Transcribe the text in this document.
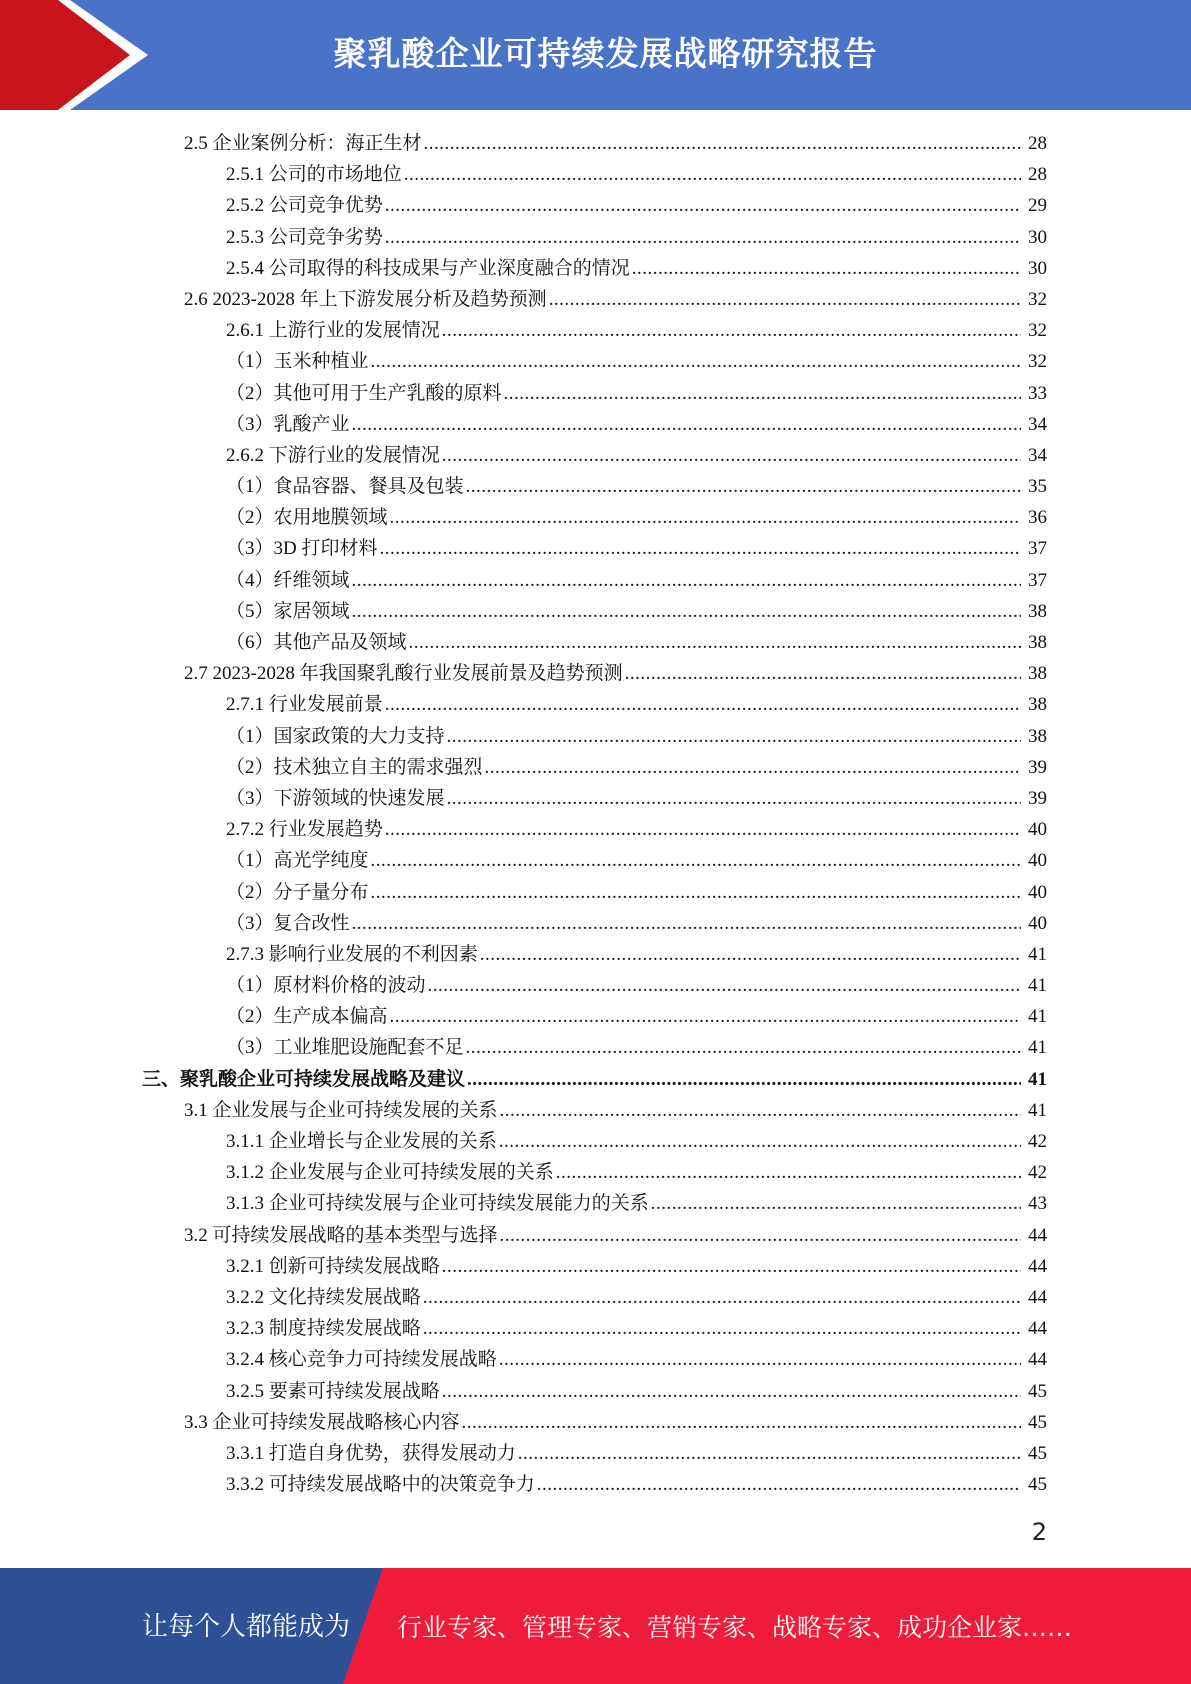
聚乳酸企业可持续发展战略研究报告
2.5 企业案例分析：海正生材 .....	28
2.5.1 公司的市场地位 .....	28
2.5.2 公司竞争优势 .....	29
2.5.3 公司竞争劣势 .....	30
2.5.4 公司取得的科技成果与产业深度融合的情况 .....	30
2.6 2023-2028 年上下游发展分析及趋势预测 .....	32
2.6.1 上游行业的发展情况 .....	32
（1）玉米种植业 .....	32
（2）其他可用于生产乳酸的原料 .....	33
（3）乳酸产业 .....	34
2.6.2 下游行业的发展情况 .....	34
（1）食品容器、餐具及包装 .....	35
（2）农用地膜领域 .....	36
（3）3D 打印材料 .....	37
（4）纤维领域 .....	37
（5）家居领域 .....	38
（6）其他产品及领域 .....	38
2.7 2023-2028 年我国聚乳酸行业发展前景及趋势预测 .....	38
2.7.1 行业发展前景 .....	38
（1）国家政策的大力支持 .....	38
（2）技术独立自主的需求强烈 .....	39
（3）下游领域的快速发展 .....	39
2.7.2 行业发展趋势 .....	40
（1）高光学纯度 .....	40
（2）分子量分布 .....	40
（3）复合改性 .....	40
2.7.3 影响行业发展的不利因素 .....	41
（1）原材料价格的波动 .....	41
（2）生产成本偏高 .....	41
（3）工业堆肥设施配套不足 .....	41
三、聚乳酸企业可持续发展战略及建议 .....	41
3.1 企业发展与企业可持续发展的关系 .....	41
3.1.1 企业增长与企业发展的关系 .....	42
3.1.2 企业发展与企业可持续发展的关系 .....	42
3.1.3 企业可持续发展与企业可持续发展能力的关系 .....	43
3.2 可持续发展战略的基本类型与选择 .....	44
3.2.1 创新可持续发展战略 .....	44
3.2.2 文化持续发展战略 .....	44
3.2.3 制度持续发展战略 .....	44
3.2.4 核心竞争力可持续发展战略 .....	44
3.2.5 要素可持续发展战略 .....	45
3.3 企业可持续发展战略核心内容 .....	45
3.3.1 打造自身优势，获得发展动力 .....	45
3.3.2 可持续发展战略中的决策竞争力 .....	45
2
让每个人都能成为 行业专家、管理专家、营销专家、战略专家、成功企业家……
